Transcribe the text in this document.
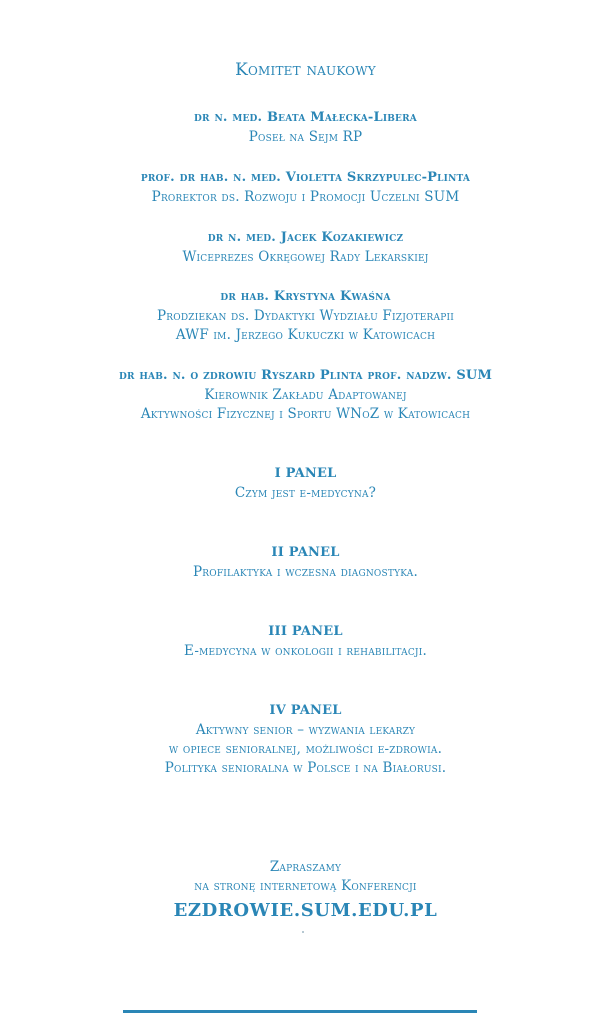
Komitet naukowy
dr n. med. Beata Małecka-Libera
Poseł na Sejm RP
prof. dr hab. n. med. Violetta Skrzypulec-Plinta
Prorektor ds. Rozwoju i Promocji Uczelni SUM
dr n. med. Jacek Kozakiewicz
Wiceprezes Okręgowej Rady Lekarskiej
dr hab. Krystyna Kwaśna
Prodziekan ds. Dydaktyki Wydziału Fizjoterapii
AWF im. Jerzego Kukuczki w Katowicach
dr hab. n. o zdrowiu Ryszard Plinta prof. nadzw. SUM
Kierownik Zakładu Adaptowanej
Aktywności Fizycznej i Sportu WNoZ w Katowicach
I PANEL
Czym jest e-medycyna?
II PANEL
Profilaktyka i wczesna diagnostyka.
III PANEL
E-medycyna w onkologii i rehabilitacji.
IV PANEL
Aktywny senior – wyzwania lekarzy
w opiece senioralnej, możliwości e-zdrowia.
Polityka senioralna w Polsce i na Białorusi.
Zapraszamy
na stronę internetową Konferencji
EZDROWIE.SUM.EDU.PL
